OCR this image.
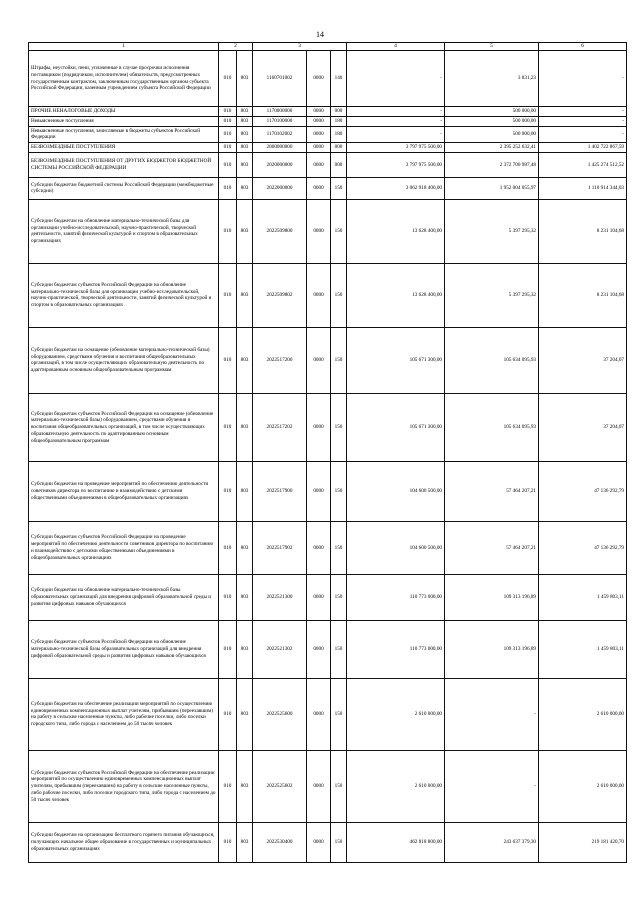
14
1	2		3			4	5	6
Штрафы, неустойки, пени, уплаченные в случае просрочки исполнения поставщиком (подрядчиком, исполнителем) обязательств, предусмотренных государственным контрактом, заключенным государственным органом субъекта Российской Федерации, казенным учреждением субъекта Российской Федерации	010	803	1160701002	0000	140	-	3 831,23	-
ПРОЧИЕ НЕНАЛОГОВЫЕ ДОХОДЫ	010	803	1170000000	0000	000	-	500 000,00	-
Невыясненные поступления	010	803	1170100000	0000	180	-	500 000,00	-
Невыясненные поступления, зачисляемые в бюджеты субъектов Российской Федерации	010	803	1170102002	0000	180	-	500 000,00	-
БЕЗВОЗМЕЗДНЫЕ ПОСТУПЛЕНИЯ	010	803	2000000000	0000	000	3 797 975 500,00	2 395 252 632,41	1 402 722 867,59
БЕЗВОЗМЕЗДНЫЕ ПОСТУПЛЕНИЯ ОТ ДРУГИХ БЮДЖЕТОВ БЮДЖЕТНОЙ СИСТЕМЫ РОССИЙСКОЙ ФЕДЕРАЦИИ	010	803	2020000000	0000	000	3 797 975 500,00	2 372 700 987,48	1 425 274 512,52
Субсидии бюджетам бюджетной системы Российской Федерации (межбюджетные субсидии)	010	803	2022000000	0000	150	3 062 918 400,00	1 952 004 055,97	1 110 914 344,03
Субсидии бюджетам на обновление материально-технической базы для организации учебно-исследовательской, научно-практической, творческой деятельности, занятий физической культурой и спортом в образовательных организациях	010	803	2022509800	0000	150	13 628 400,00	5 397 295,32	8 231 104,68
Субсидии бюджетам субъектов Российской Федерации на обновление материально-технической базы для организации учебно-исследовательской, научно-практической, творческой деятельности, занятий физической культурой и спортом в образовательных организациях	010	803	2022509802	0000	150	13 628 400,00	5 397 295,32	8 231 104,68
Субсидии бюджетам на оснащение (обновление материально-технической базы) оборудованием, средствами обучения и воспитания общеобразовательных организаций, в том числе осуществляющих образовательную деятельность по адаптированным основным общеобразовательным программам	010	803	2022517200	0000	150	105 671 300,00	105 634 095,93	37 204,07
Субсидии бюджетам субъектов Российской Федерации на оснащение (обновление материально-технической базы) оборудованием, средствами обучения и воспитания общеобразовательных организаций, в том числе осуществляющих образовательную деятельность по адаптированным основным общеобразовательным программам	010	803	2022517202	0000	150	105 671 300,00	105 634 095,93	37 204,07
Субсидии бюджетам на проведение мероприятий по обеспечению деятельности советников директора по воспитанию и взаимодействию с детскими общественными объединениями в общеобразовательных организациях	010	803	2022517900	0000	150	104 600 500,00	57 464 207,21	47 136 292,79
Субсидии бюджетам субъектов Российской Федерации на проведение мероприятий по обеспечению деятельности советников директора по воспитанию и взаимодействию с детскими общественными объединениями в общеобразовательных организациях	010	803	2022517902	0000	150	104 600 500,00	57 464 207,21	47 136 292,79
Субсидии бюджетам на обновление материально-технической базы образовательных организаций для внедрения цифровой образовательной среды и развития цифровых навыков обучающихся	010	803	2022521300	0000	150	110 773 000,00	109 313 196,89	1 459 803,11
Субсидии бюджетам субъектов Российской Федерации на обновление материально-технической базы образовательных организаций для внедрения цифровой образовательной среды и развития цифровых навыков обучающихся	010	803	2022521302	0000	150	110 773 000,00	109 313 196,89	1 459 803,11
Субсидии бюджетам на обеспечение реализации мероприятий по осуществлению единовременных компенсационных выплат учителям, прибывшим (переехавшим) на работу в сельские населенные пункты, либо рабочие поселки, либо поселки городского типа, либо города с населением до 50 тысяч человек	010	803	2022525600	0000	150	2 610 000,00	-	2 610 000,00
Субсидии бюджетам субъектов Российской Федерации на обеспечение реализации мероприятий по осуществлению единовременных компенсационных выплат учителям, прибывшим (переехавшим) на работу в сельские населенные пункты, либо рабочие поселки, либо поселки городского типа, либо города с населением до 50 тысяч человек	010	803	2022525602	0000	150	2 610 000,00	-	2 610 000,00
Субсидии бюджетам на организацию бесплатного горячего питания обучающихся, получающих начальное общее образование в государственных и муниципальных образовательных организациях	010	803	2022530400	0000	150	462 818 800,00	243 637 379,30	219 181 420,70
